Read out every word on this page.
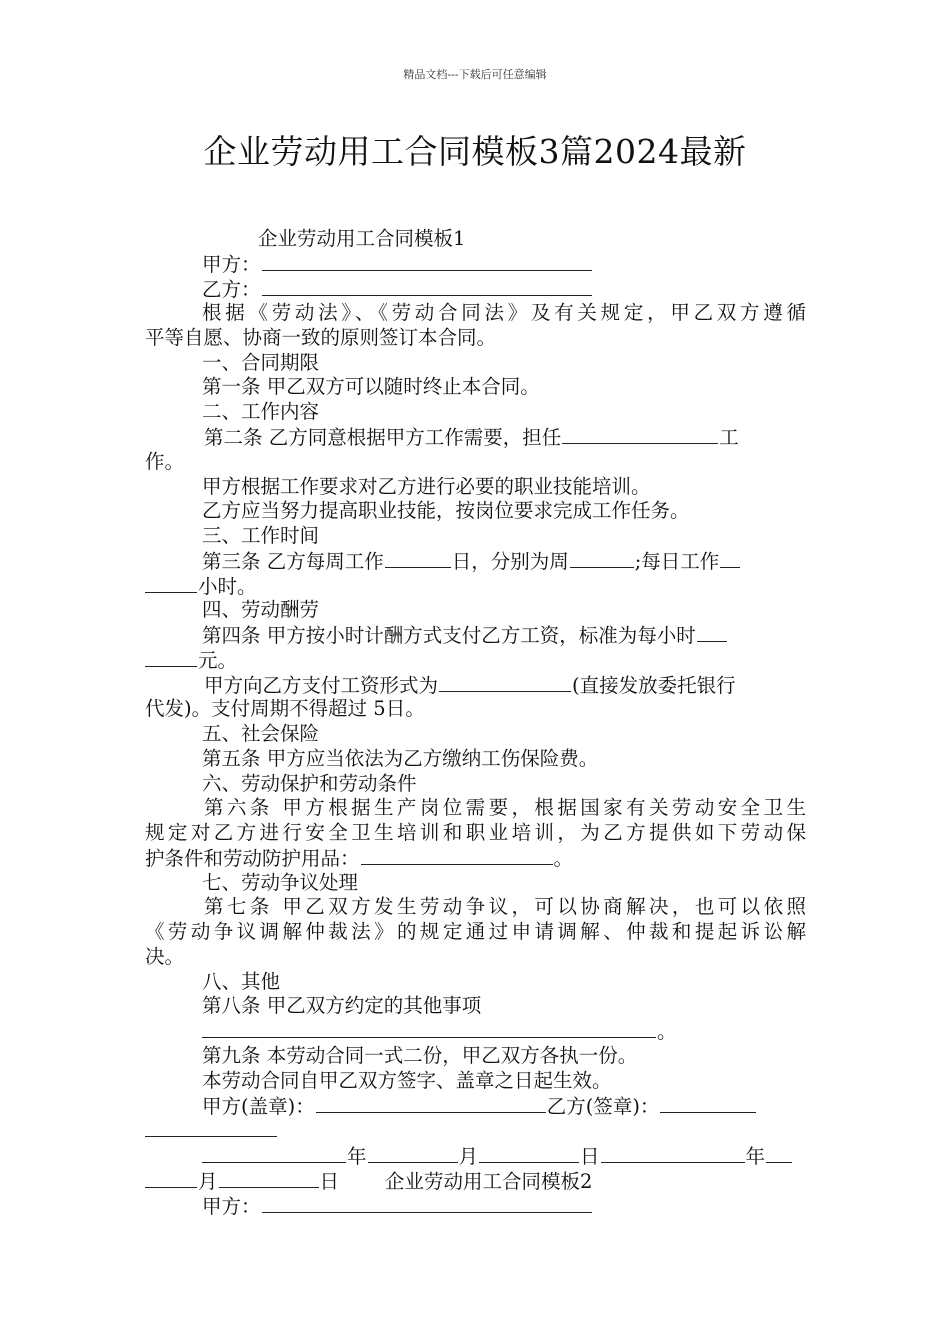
精品文档---下载后可任意编辑
企业劳动用工合同模板3篇2024最新
企业劳动用工合同模板1
甲方：
乙方：
根据《劳动法》、《劳动合同法》及有关规定，甲乙双方遵循
平等自愿、协商一致的原则签订本合同。
一、合同期限
第一条 甲乙双方可以随时终止本合同。
二、工作内容
第二条 乙方同意根据甲方工作需要，担任	工
作。
甲方根据工作要求对乙方进行必要的职业技能培训。
乙方应当努力提高职业技能，按岗位要求完成工作任务。
三、工作时间
第三条 乙方每周工作	日，分别为周	;每日工作
小时。
四、劳动酬劳
第四条 甲方按小时计酬方式支付乙方工资，标准为每小时
元。
甲方向乙方支付工资形式为	(直接发放委托银行
代发)。支付周期不得超过 5日。
五、社会保险
第五条 甲方应当依法为乙方缴纳工伤保险费。
六、劳动保护和劳动条件
第六条 甲方根据生产岗位需要，根据国家有关劳动安全卫生
规定对乙方进行安全卫生培训和职业培训，为乙方提供如下劳动保
护条件和劳动防护用品：	。
七、劳动争议处理
第七条 甲乙双方发生劳动争议，可以协商解决，也可以依照
《劳动争议调解仲裁法》的规定通过申请调解、仲裁和提起诉讼解
决。
八、其他
第八条 甲乙双方约定的其他事项
。
第九条 本劳动合同一式二份，甲乙双方各执一份。
本劳动合同自甲乙双方签字、盖章之日起生效。
甲方(盖章)：	乙方(签章)：
年	月	日	年
月	日 企业劳动用工合同模板2
甲方：
